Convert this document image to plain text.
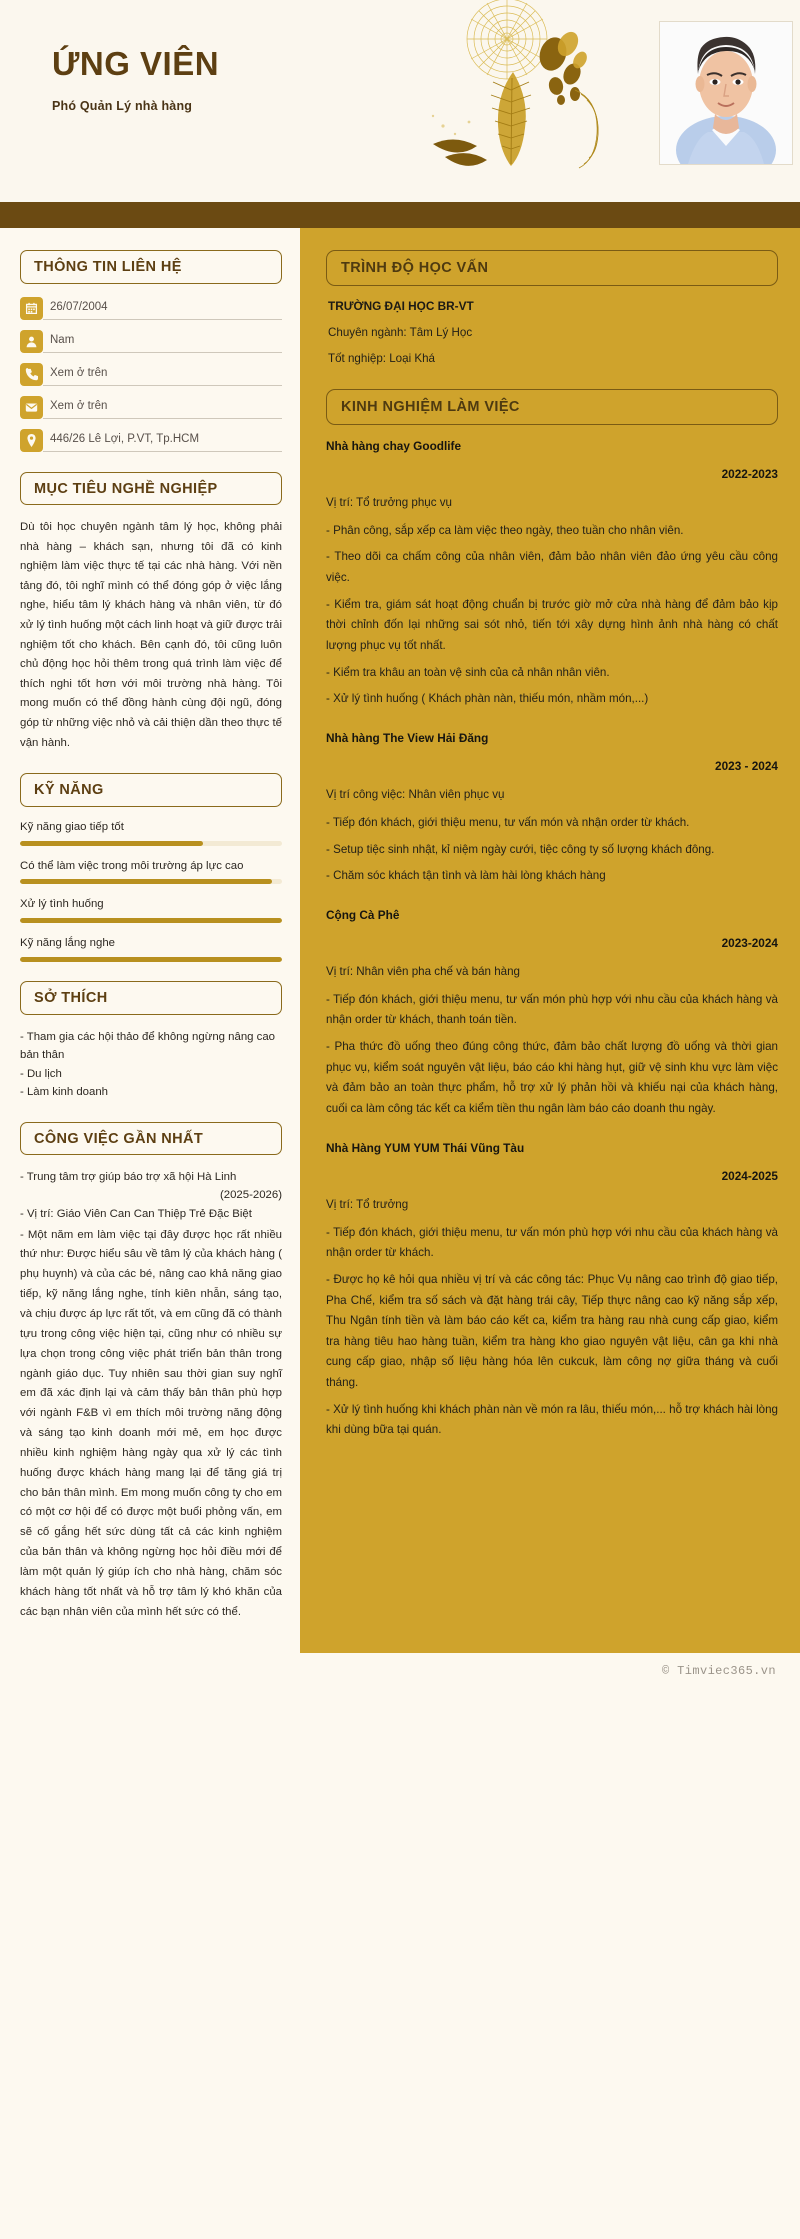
ỨNG VIÊN
Phó Quản Lý nhà hàng
THÔNG TIN LIÊN HỆ
26/07/2004
Nam
Xem ở trên
Xem ở trên
446/26 Lê Lợi, P.VT, Tp.HCM
MỤC TIÊU NGHỀ NGHIỆP
Dù tôi học chuyên ngành tâm lý học, không phải nhà hàng – khách sạn, nhưng tôi đã có kinh nghiệm làm việc thực tế tại các nhà hàng. Với nền tảng đó, tôi nghĩ mình có thể đóng góp ở việc lắng nghe, hiểu tâm lý khách hàng và nhân viên, từ đó xử lý tình huống một cách linh hoạt và giữ được trải nghiệm tốt cho khách. Bên cạnh đó, tôi cũng luôn chủ động học hỏi thêm trong quá trình làm việc để thích nghi tốt hơn với môi trường nhà hàng. Tôi mong muốn có thể đồng hành cùng đội ngũ, đóng góp từ những việc nhỏ và cải thiện dần theo thực tế vận hành.
KỸ NĂNG
Kỹ năng giao tiếp tốt
Có thể làm việc trong môi trường áp lực cao
Xử lý tình huống
Kỹ năng lắng nghe
SỞ THÍCH
- Tham gia các hội thảo để không ngừng nâng cao bản thân
- Du lịch
- Làm kinh doanh
CÔNG VIỆC GẦN NHẤT
- Trung tâm trợ giúp báo trợ xã hội Hà Linh
(2025-2026)
- Vị trí: Giáo Viên Can Can Thiệp Trẻ Đặc Biệt
- Một năm em làm việc tại đây được học rất nhiều thứ như: Được hiểu sâu về tâm lý của khách hàng ( phụ huynh) và của các bé, nâng cao khả năng giao tiếp, kỹ năng lắng nghe, tính kiên nhẫn, sáng tạo, và chịu được áp lực rất tốt, và em cũng đã có thành tựu trong công việc hiện tại, cũng như có nhiều sự lựa chọn trong công việc phát triển bản thân trong ngành giáo dục. Tuy nhiên sau thời gian suy nghĩ em đã xác định lại và cảm thấy bản thân phù hợp với ngành F&B vì em thích môi trường năng động và sáng tạo kinh doanh mới mẻ, em học được nhiều kinh nghiệm hàng ngày qua xử lý các tình huống được khách hàng mang lại để tăng giá trị cho bản thân mình. Em mong muốn công ty cho em có một cơ hội để có được một buổi phỏng vấn, em sẽ cố gắng hết sức dùng tất cả các kinh nghiệm của bản thân và không ngừng học hỏi điều mới để làm một quản lý giúp ích cho nhà hàng, chăm sóc khách hàng tốt nhất và hỗ trợ tâm lý khó khăn của các bạn nhân viên của mình hết sức có thể.
TRÌNH ĐỘ HỌC VẤN
TRƯỜNG ĐẠI HỌC BR-VT
Chuyên ngành: Tâm Lý Học
Tốt nghiệp: Loại Khá
KINH NGHIỆM LÀM VIỆC
Nhà hàng chay Goodlife
2022-2023
Vị trí: Tổ trưởng phục vụ
- Phân công, sắp xếp ca làm việc theo ngày, theo tuần cho nhân viên.
- Theo dõi ca chấm công của nhân viên, đảm bảo nhân viên đảo ứng yêu cầu công việc.
- Kiểm tra, giám sát hoạt động chuẩn bị trước giờ mở cửa nhà hàng để đảm bảo kịp thời chỉnh đốn lại những sai sót nhỏ, tiến tới xây dựng hình ảnh nhà hàng có chất lượng phục vụ tốt nhất.
- Kiểm tra khâu an toàn vệ sinh của cả nhân nhân viên.
- Xử lý tình huống ( Khách phàn nàn, thiếu món, nhầm món,...)
Nhà hàng The View Hải Đăng
2023 - 2024
Vị trí công việc: Nhân viên phục vụ
- Tiếp đón khách, giới thiệu menu, tư vấn món và nhận order từ khách.
- Setup tiệc sinh nhật, kỉ niệm ngày cưới, tiệc công ty số lượng khách đông.
- Chăm sóc khách tận tình và làm hài lòng khách hàng
Cộng Cà Phê
2023-2024
Vị trí: Nhân viên pha chế và bán hàng
- Tiếp đón khách, giới thiệu menu, tư vấn món phù hợp với nhu cầu của khách hàng và nhận order từ khách, thanh toán tiền.
- Pha thức đồ uống theo đúng công thức, đảm bảo chất lượng đồ uống và thời gian phục vụ, kiểm soát nguyên vật liệu, báo cáo khi hàng hụt, giữ vệ sinh khu vực làm việc và đảm bảo an toàn thực phẩm, hỗ trợ xử lý phản hồi và khiếu nại của khách hàng, cuối ca làm công tác kết ca kiểm tiền thu ngân làm báo cáo doanh thu ngày.
Nhà Hàng YUM YUM Thái Vũng Tàu
2024-2025
Vị trí: Tổ trưởng
- Tiếp đón khách, giới thiệu menu, tư vấn món phù hợp với nhu cầu của khách hàng và nhận order từ khách.
- Được họ kê hỏi qua nhiều vị trí và các công tác: Phục Vụ nâng cao trình độ giao tiếp, Pha Chế, kiểm tra số sách và đặt hàng trái cây, Tiếp thực nâng cao kỹ năng sắp xếp, Thu Ngân tính tiền và làm báo cáo kết ca, kiểm tra hàng rau nhà cung cấp giao, kiểm tra hàng tiêu hao hàng tuần, kiểm tra hàng kho giao nguyên vật liệu, cân ga khi nhà cung cấp giao, nhập số liệu hàng hóa lên cukcuk, làm công nợ giữa tháng và cuối tháng.
- Xử lý tình huống khi khách phàn nàn về món ra lâu, thiếu món,... hỗ trợ khách hài lòng khi dùng bữa tại quán.
© Timviec365.vn
